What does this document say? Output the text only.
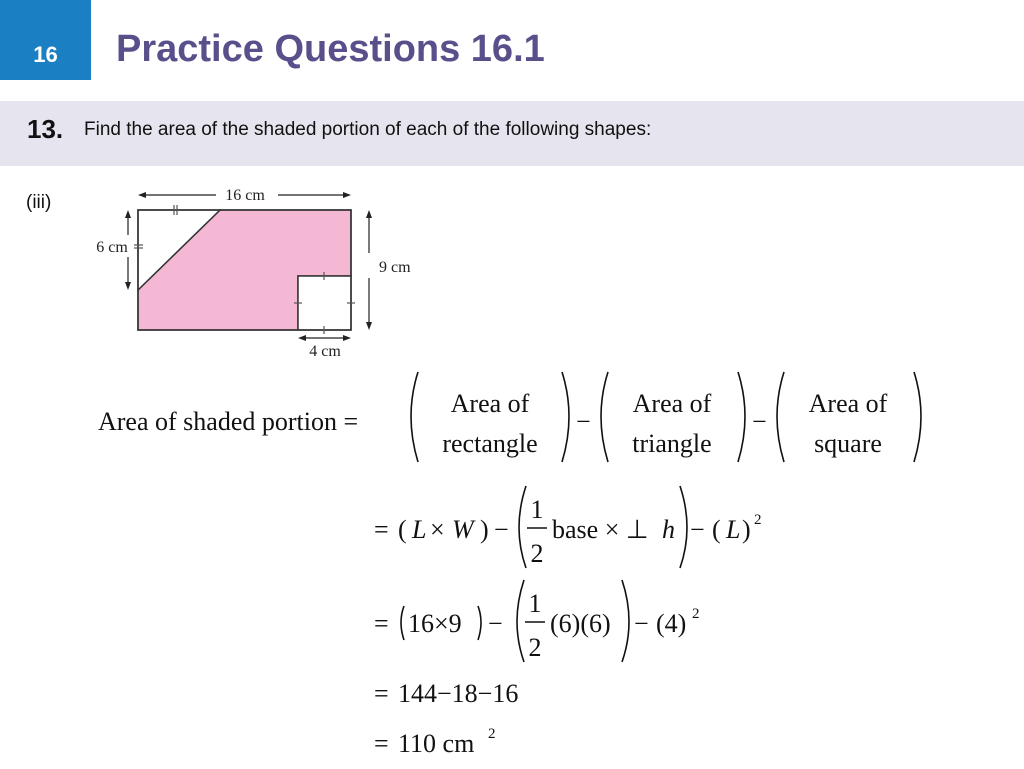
16	Practice Questions 16.1
13. Find the area of the shaded portion of each of the following shapes:
(iii)	16 cm
6 cm
9 cm
4 cm
Area of shaded portion =
Area of
rectangle
−
Area of
triangle
−
Area of
square
= ( L × W ) −
1
2
base × ⊥ h − ( L ) 2
= 16×9 −
1
2
(6)(6) − (4) 2
= 144−18−16
= 110 cm 2
